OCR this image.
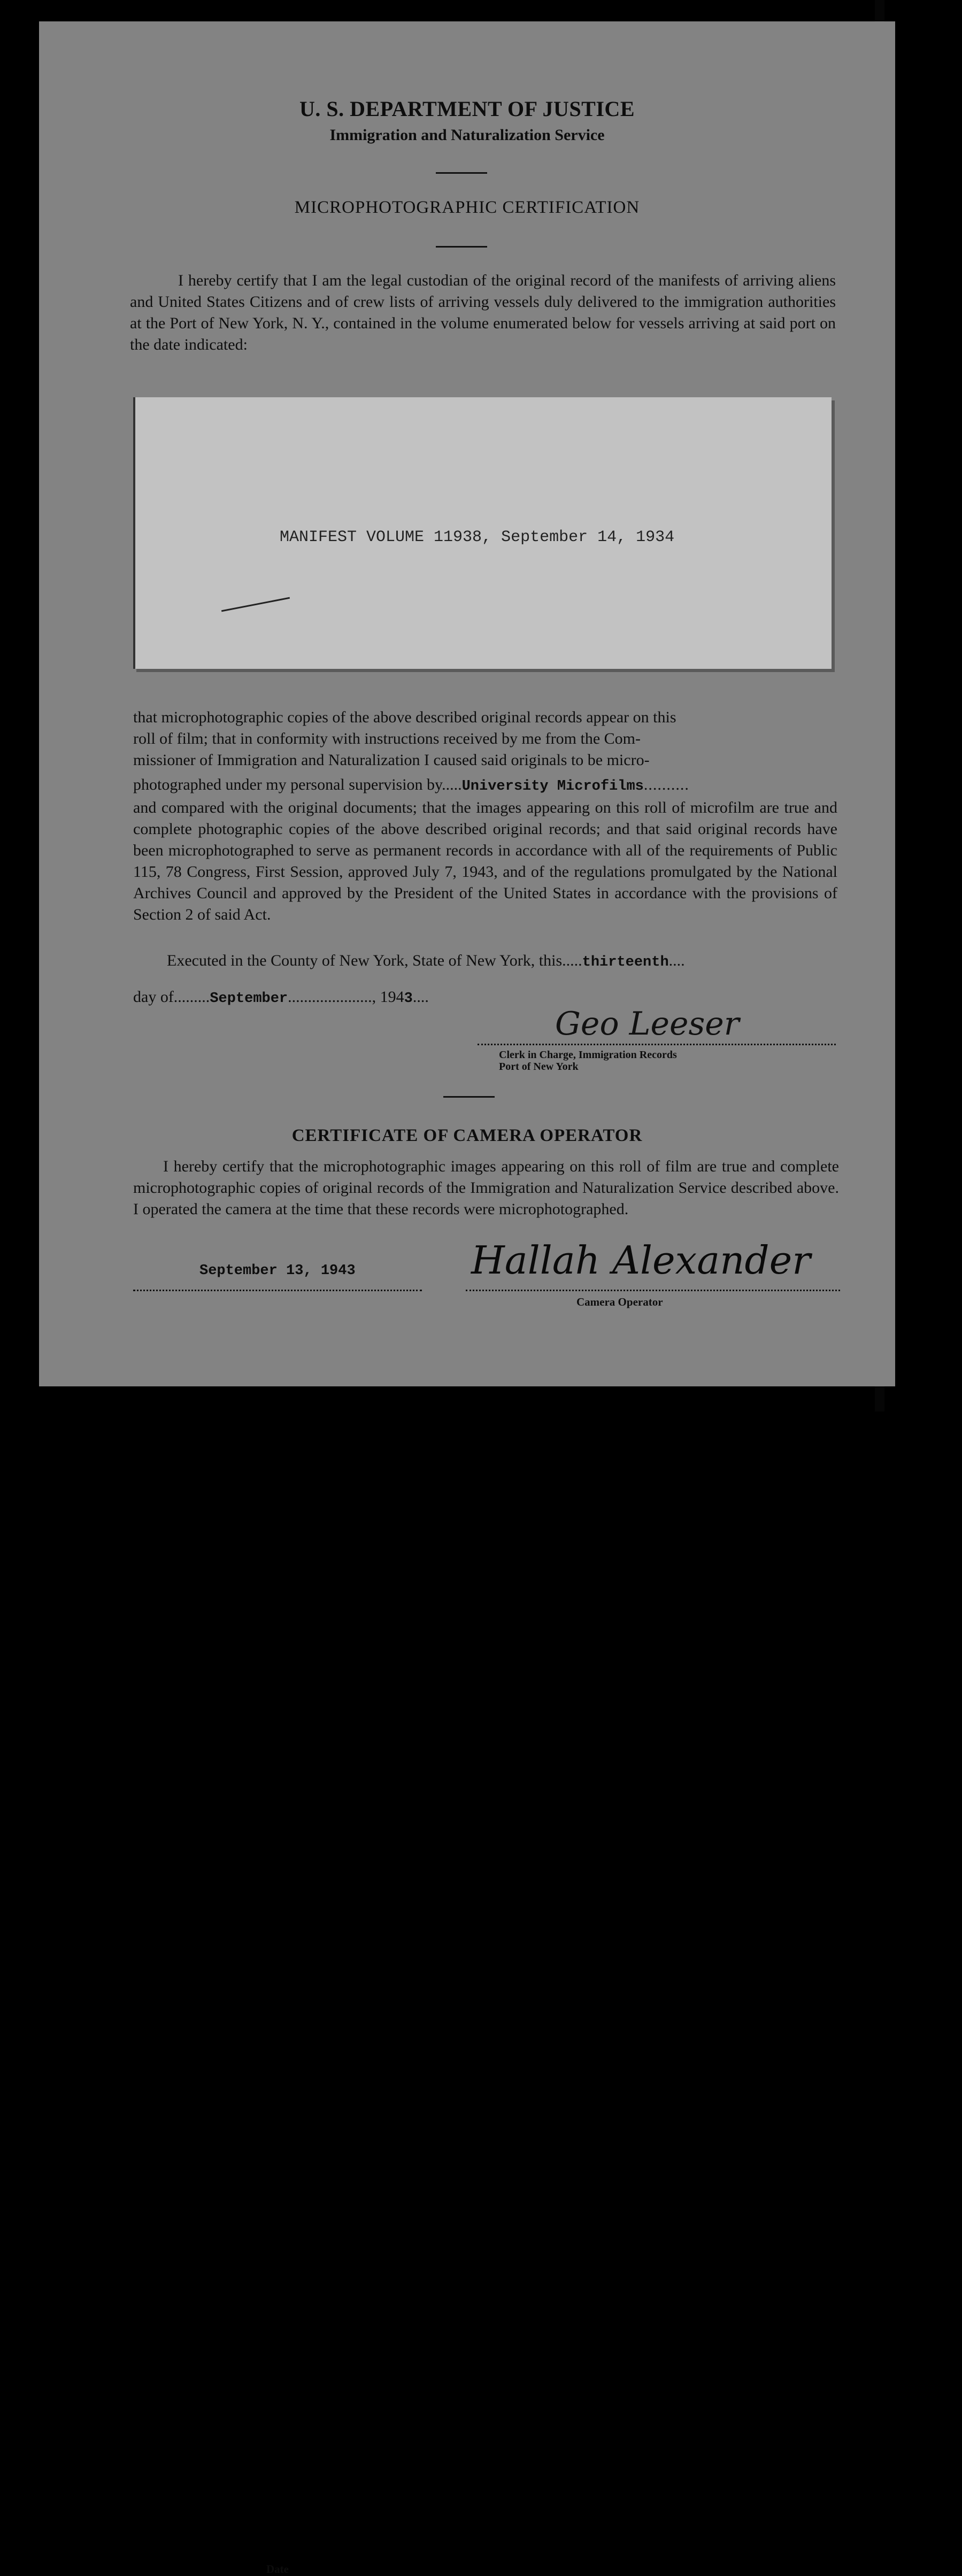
U. S. DEPARTMENT OF JUSTICE
Immigration and Naturalization Service
MICROPHOTOGRAPHIC CERTIFICATION
I hereby certify that I am the legal custodian of the original record of the manifests of arriving aliens and United States Citizens and of crew lists of arriving vessels duly delivered to the immigration authorities at the Port of New York, N. Y., contained in the volume enumerated below for vessels arriving at said port on the date indicated:
MANIFEST VOLUME 11938, September 14, 1934
that microphotographic copies of the above described original records appear on this
roll of film; that in conformity with instructions received by me from the Com-
missioner of Immigration and Naturalization I caused said originals to be micro-
photographed under my personal supervision by.....University Microfilms..........
and compared with the original documents; that the images appearing on this roll of microfilm are true and complete photographic copies of the above described original records; and that said original records have been microphotographed to serve as permanent records in accordance with all of the requirements of Public 115, 78 Congress, First Session, approved July 7, 1943, and of the regulations promulgated by the National Archives Council and approved by the President of the United States in accordance with the provisions of Section 2 of said Act.
Executed in the County of New York, State of New York, this.....thirteenth....
day of.........September....................., 1943....
Geo Leeser
Clerk in Charge, Immigration Records
Port of New York
CERTIFICATE OF CAMERA OPERATOR
I hereby certify that the microphotographic images appearing on this roll of film are true and complete microphotographic copies of original records of the Immigration and Naturalization Service described above. I operated the camera at the time that these records were microphotographed.
September 13, 1943
Date
Hallah Alexander
Camera Operator
